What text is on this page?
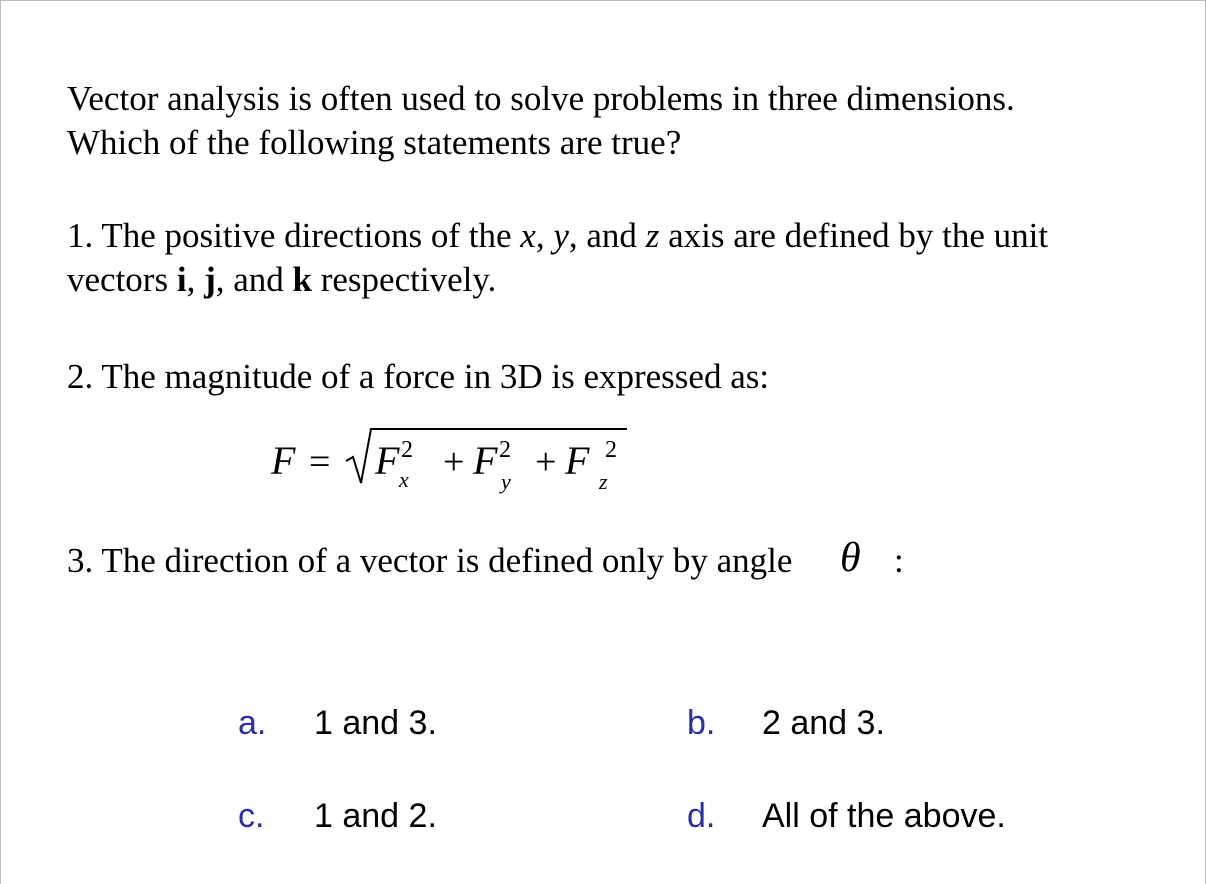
Vector analysis is often used to solve problems in three dimensions.
Which of the following statements are true?
1. The positive directions of the x, y, and z axis are defined by the unit
vectors i, j, and k respectively.
2. The magnitude of a force in 3D is expressed as:
F = F 2
x + F 2
y + F 2
z
3. The direction of a vector is defined only by angle θ :
a. 1 and 3.	b. 2 and 3.
c. 1 and 2.	d. All of the above.
